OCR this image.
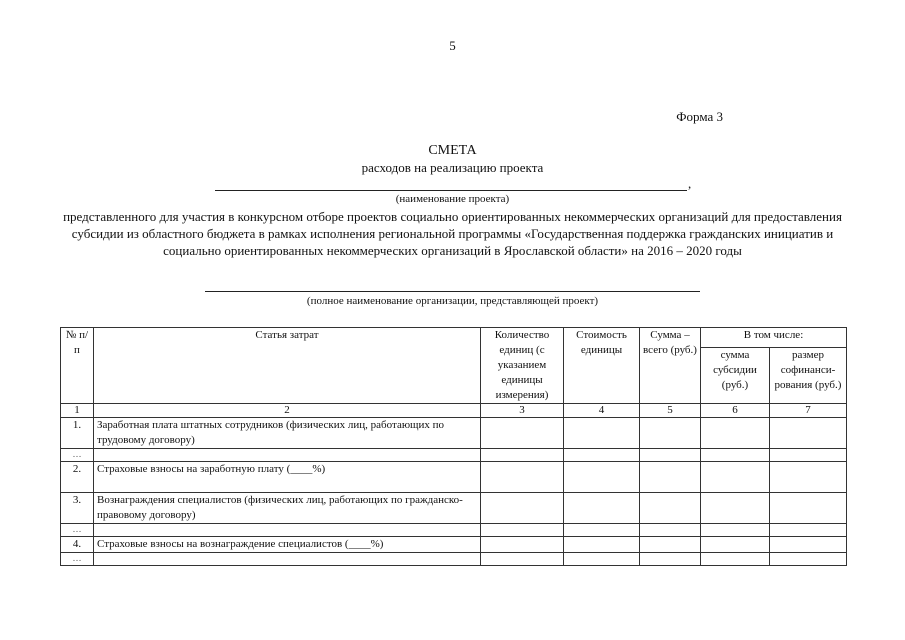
5
Форма 3
СМЕТА
расходов на реализацию проекта
,
(наименование проекта)
представленного для участия в конкурсном отборе проектов социально ориентированных некоммерческих организаций для предоставления субсидии из областного бюджета в рамках исполнения региональной программы «Государственная поддержка гражданских инициатив и социально ориентированных некоммерческих организаций в Ярославской области» на 2016 – 2020 годы
(полное наименование организации, представляющей проект)
№ п/п	Статья затрат	Количество единиц (с указанием единицы измерения)	Стоимость единицы	Сумма – всего (руб.)	В том числе:	
					сумма субсидии (руб.)	размер софинанси-рования (руб.)
1	2	3	4	5	6	7
1.	Заработная плата штатных сотрудников (физических лиц, работающих по трудовому договору)					
…						
2.	Страховые взносы на заработную плату (____%)					
3.	Вознаграждения специалистов (физических лиц, работающих по гражданско-правовому договору)					
…						
4.	Страховые взносы на вознаграждение специалистов (____%)					
…						
